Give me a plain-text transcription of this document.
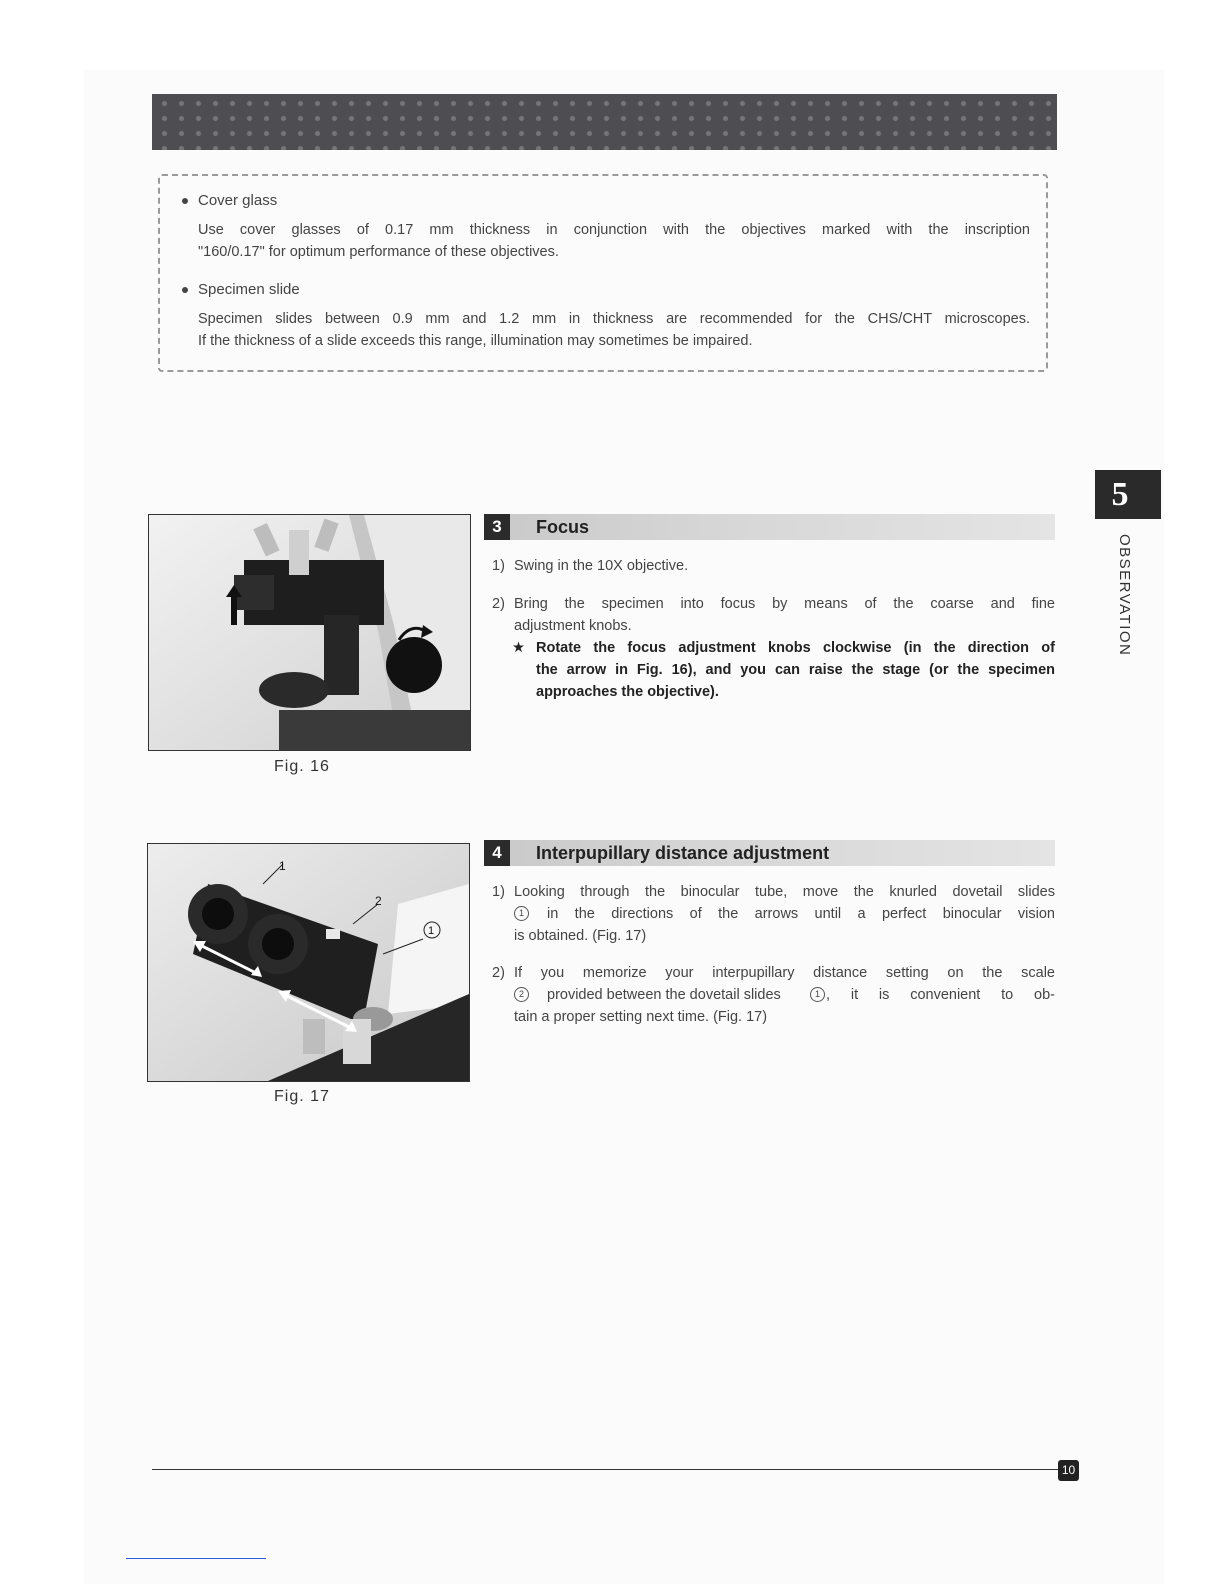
Cover glass
Use cover glasses of 0.17 mm thickness in conjunction with the objectives marked with the inscription
"160/0.17" for optimum performance of these objectives.
Specimen slide
Specimen slides between 0.9 mm and 1.2 mm in thickness are recommended for the CHS/CHT microscopes.
If the thickness of a slide exceeds this range, illumination may sometimes be impaired.
5
OBSERVATION
Fig. 16
3	Focus
1) Swing in the 10X objective.
2) Bring the specimen into focus by means of the coarse and fine
adjustment knobs.
★ Rotate the focus adjustment knobs clockwise (in the direction of
the arrow in Fig. 16), and you can raise the stage (or the specimen
approaches the objective).
1
2
1
Fig. 17
4	Interpupillary distance adjustment
1) Looking through the binocular tube, move the knurled dovetail slides
1	in the directions of the arrows until a perfect binocular vision
is obtained. (Fig. 17)
2) If you memorize your interpupillary distance setting on the scale
2	provided between the dovetail slides	1 , it is convenient to ob-
tain a proper setting next time. (Fig. 17)
10
